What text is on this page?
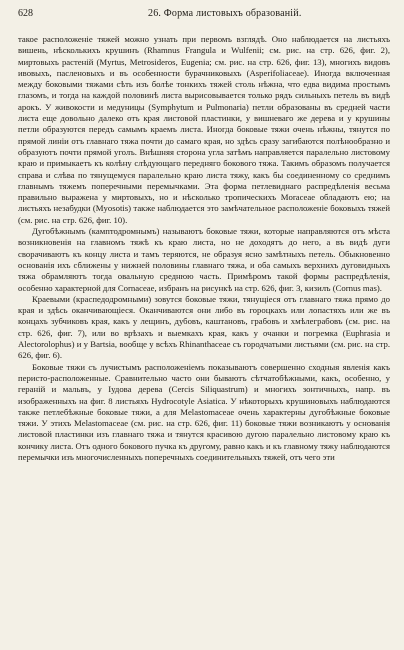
628	26. Форма листовыхъ образованій.

такое расположеніе тяжей можно узнать при первомъ взглядѣ. Оно наблюдается на листьяхъ вишень, нѣсколькихъ крушинъ (Rhamnus Frangula и Wulfenii; см. рис. на стр. 626, фиг. 2), миртовыхъ растеній (Myrtus, Metrosideros, Eugenia; см. рис. на стр. 626, фиг. 13), многихъ видовъ ивовыхъ, пасленовыхъ и въ особенности бурачниковыхъ (Asperifoliaceae). Иногда включенная между боковыми тяжами сѣть изъ болѣе тонкихъ тяжей столь нѣжна, что едва видима простымъ глазомъ, и тогда на каждой половинѣ листа вырисовывается только рядъ сильныхъ петель въ видѣ арокъ. У живокости и медуницы (Symphytum и Pulmonaria) петли образованы въ средней части листа еще довольно далеко отъ края листовой пластинки, у вишневаго же дерева и у крушины петли образуются передъ самымъ краемъ листа. Иногда боковые тяжи очень нѣжны, тянутся по прямой линіи отъ главнаго тяжа почти до самаго края, но здѣсь сразу загибаются полѣнообразно и образуютъ почти прямой уголъ. Внѣшняя сторона угла затѣмъ направляется паралельно листовому краю и примыкаетъ къ колѣну слѣдующаго передняго бокового тяжа. Такимъ образомъ получается справа и слѣва по тянущемуся паралельно краю листа тяжу, какъ бы соединенному со среднимъ главнымъ тяжемъ поперечными перемычками. Эта форма петлевиднаго распредѣленія весьма правильно выражена у миртовыхъ, но и нѣсколько тропическихъ Moraceae обладаютъ ею; на листьяхъ незабудки (Myosotis) также наблюдается это замѣчательное расположеніе боковыхъ тяжей (см. рис. на стр. 626, фиг. 10).

Дугобѣжнымъ (камптодромнымъ) называютъ боковые тяжи, которые направляются отъ мѣста возникновенія на главномъ тяжѣ къ краю листа, но не доходятъ до него, а въ видѣ дуги сворачиваютъ къ концу листа и тамъ теряются, не образуя ясно замѣтныхъ петель. Обыкновенно основанія ихъ сближены у нижней половины главнаго тяжа, и оба самыхъ верхнихъ дуговидныхъ тяжа обрамляютъ тогда овальную среднюю часть. Примѣромъ такой формы распредѣленія, особенно характерной для Cornaceae, избранъ на рисункѣ на стр. 626, фиг. 3, кизилъ (Cornus mas).

Краевыми (краспедодромными) зовутся боковые тяжи, тянущіеся отъ главнаго тяжа прямо до края и здѣсь оканчивающіеся. Оканчиваются они либо въ гороцкахъ или лопастяхъ или же въ концахъ зубчиковъ края, какъ у лещинъ, дубовъ, каштановъ, грабовъ и хмѣлеграбовъ (см. рис. на стр. 626, фиг. 7), или во врѣзахъ и выемкахъ края, какъ у очанки и погремка (Euphrasia и Alectorolophus) и у Bartsia, вообще у всѣхъ Rhinanthaceae съ городчатыми листьями (см. рис. на стр. 626, фиг. 6).

Боковые тяжи съ лучистымъ расположеніемъ показываютъ совершенно сходныя явленія какъ перисто-расположенные. Сравнительно часто они бываютъ сѣтчатобѣжными, какъ, особенно, у гераній и мальвъ, у Іудова дерева (Cercis Siliquastrum) и многихъ зонтичныхъ, напр. въ изображенныхъ на фиг. 8 листьяхъ Hydrocotyle Asiatica. У нѣкоторыхъ крушиновыхъ наблюдаются также петлебѣжные боковые тяжи, а для Melastomaceae очень характерны дугобѣжные боковые тяжи. У этихъ Melastomaceae (см. рис. на стр. 626, фиг. 11) боковые тяжи возникаютъ у основанія листовой пластинки изъ главнаго тяжа и тянутся красивою дугою паралельно листовому краю къ кончику листа. Отъ одного бокового пучка къ другому, равно какъ и къ главному тяжу наблюдаются перемычки изъ многочисленныхъ поперечныхъ соединительныхъ тяжей, отъ чего эти
